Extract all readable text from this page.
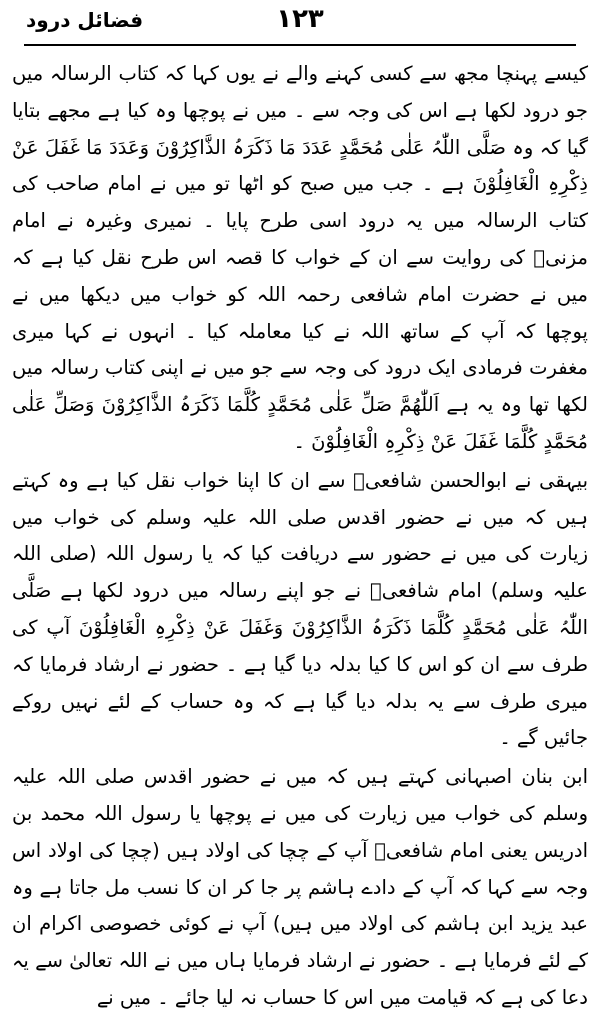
فضائل درود	۱۲۳

کیسے پہنچا مجھ سے کسی کہنے والے نے یوں کہا کہ کتاب الرسالہ میں جو درود لکھا ہے اس کی وجہ سے ۔ میں نے پوچھا وہ کیا ہے مجھے بتایا گیا کہ وہ صَلَّی اللّٰہُ عَلٰی مُحَمَّدٍ عَدَدَ مَا ذَکَرَہُ الذَّاکِرُوْنَ وَعَدَدَ مَا غَفَلَ عَنْ ذِکْرِہِ الْغَافِلُوْنَ ہے ۔ جب میں صبح کو اٹھا تو میں نے امام صاحب کی کتاب الرسالہ میں یہ درود اسی طرح پایا ۔ نمیری وغیرہ نے امام مزنیؒ کی روایت سے ان کے خواب کا قصہ اس طرح نقل کیا ہے کہ میں نے حضرت امام شافعی رحمہ اللہ کو خواب میں دیکھا میں نے پوچھا کہ آپ کے ساتھ اللہ نے کیا معاملہ کیا ۔ انہوں نے کہا میری مغفرت فرمادی ایک درود کی وجہ سے جو میں نے اپنی کتاب رسالہ میں لکھا تھا وہ یہ ہے اَللّٰھُمَّ صَلِّ عَلٰی مُحَمَّدٍ کُلَّمَا ذَکَرَہُ الذَّاکِرُوْنَ وَصَلِّ عَلٰی مُحَمَّدٍ کُلَّمَا غَفَلَ عَنْ ذِکْرِہِ الْغَافِلُوْنَ ۔

بیہقی نے ابوالحسن شافعیؒ سے ان کا اپنا خواب نقل کیا ہے وہ کہتے ہیں کہ میں نے حضور اقدس صلی اللہ علیہ وسلم کی خواب میں زیارت کی میں نے حضور سے دریافت کیا کہ یا رسول اللہ (صلی اللہ علیہ وسلم) امام شافعیؒ نے جو اپنے رسالہ میں درود لکھا ہے صَلَّی اللّٰہُ عَلٰی مُحَمَّدٍ کُلَّمَا ذَکَرَہُ الذَّاکِرُوْنَ وَغَفَلَ عَنْ ذِکْرِہِ الْغَافِلُوْنَ آپ کی طرف سے ان کو اس کا کیا بدلہ دیا گیا ہے ۔ حضور نے ارشاد فرمایا کہ میری طرف سے یہ بدلہ دیا گیا ہے کہ وہ حساب کے لئے نہیں روکے جائیں گے ۔

ابن بنان اصبہانی کہتے ہیں کہ میں نے حضور اقدس صلی اللہ علیہ وسلم کی خواب میں زیارت کی میں نے پوچھا یا رسول اللہ محمد بن ادریس یعنی امام شافعیؒ آپ کے چچا کی اولاد ہیں (چچا کی اولاد اس وجہ سے کہا کہ آپ کے دادے ہاشم پر جا کر ان کا نسب مل جاتا ہے وہ عبد یزید ابن ہاشم کی اولاد میں ہیں) آپ نے کوئی خصوصی اکرام ان کے لئے فرمایا ہے ۔ حضور نے ارشاد فرمایا ہاں میں نے اللہ تعالیٰ سے یہ دعا کی ہے کہ قیامت میں اس کا حساب نہ لیا جائے ۔ میں نے
